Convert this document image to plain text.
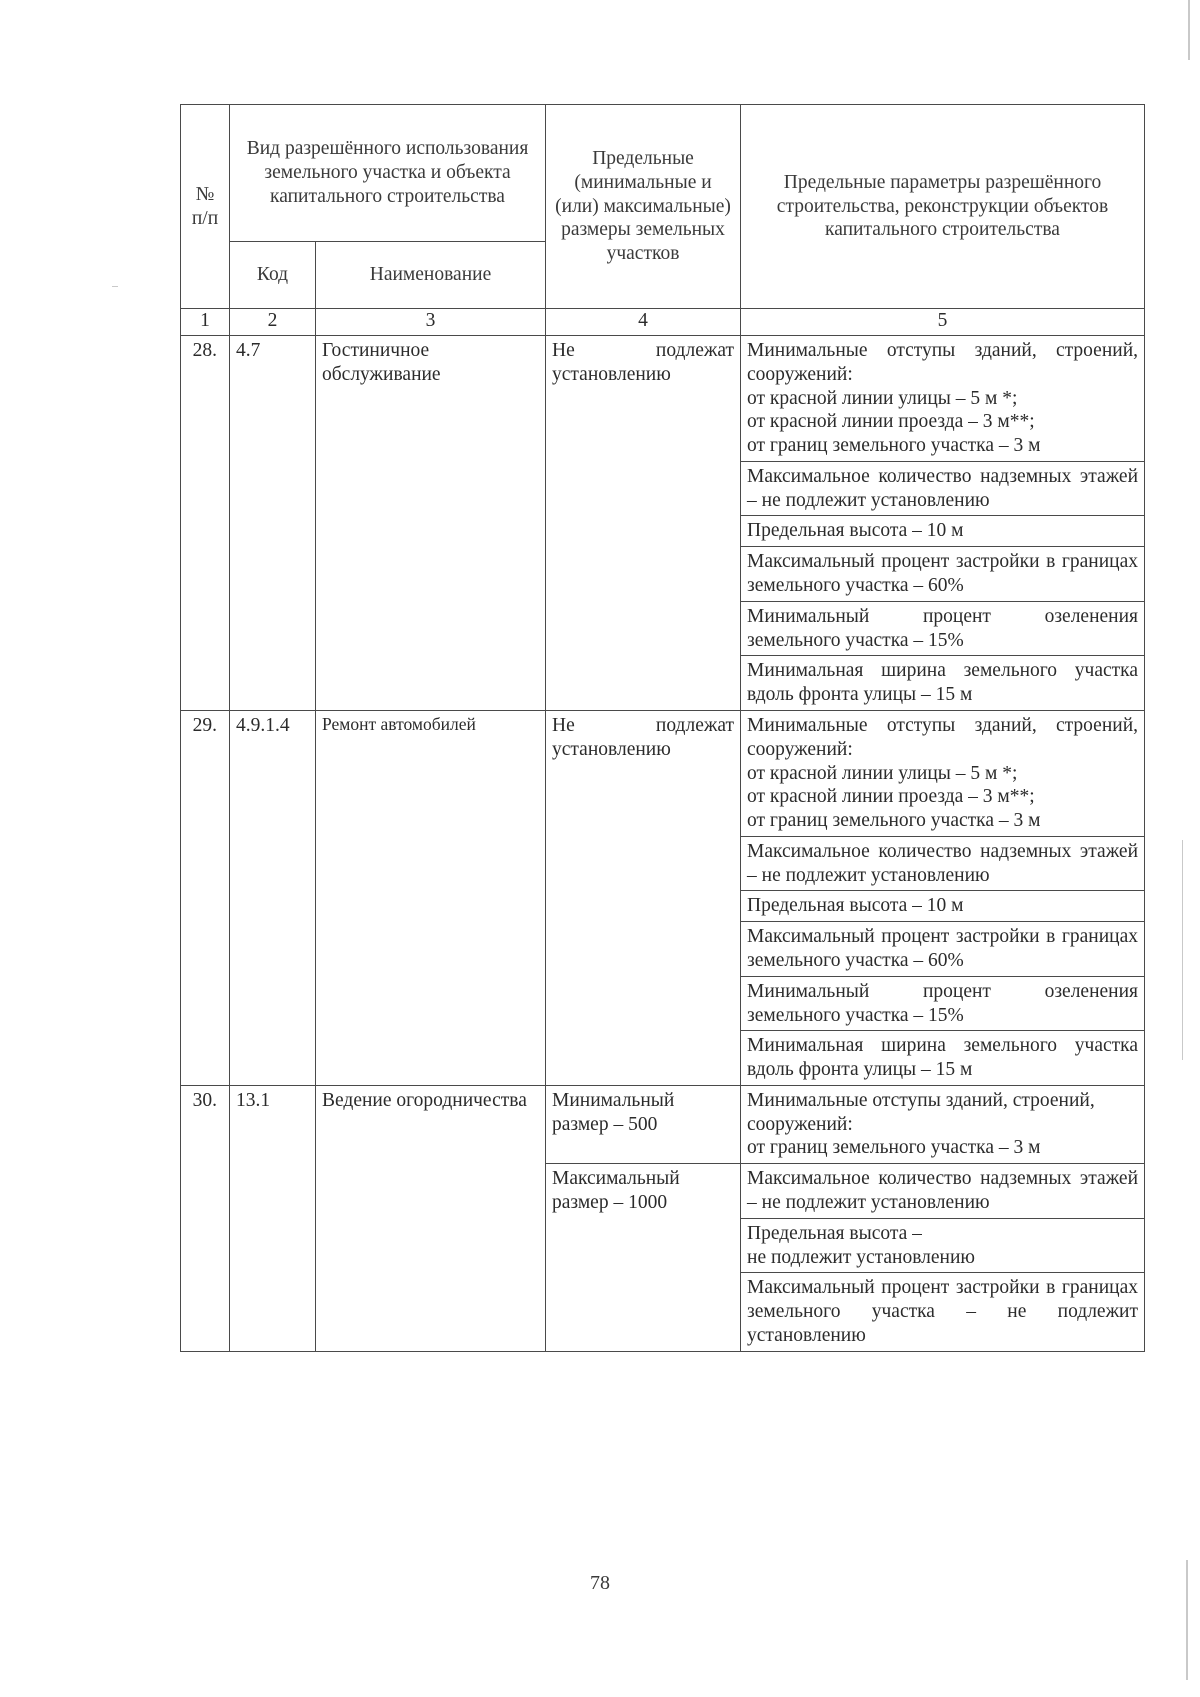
№ п/п	Вид разрешённого использования земельного участка и объекта капитального строительства		Предельные (минимальные и (или) максимальные) размеры земельных участков	Предельные параметры разрешённого строительства, реконструкции объектов капитального строительства
	Код	Наименование		
1	2	3	4	5
28.	4.7	Гостиничное обслуживание	Не подлежат установлению	Минимальные отступы зданий, строений, сооружений:
от красной линии улицы – 5 м *;
от красной линии проезда – 3 м**;
от границ земельного участка – 3 м

				Максимальное количество надземных этажей – не подлежит установлению
				Предельная высота – 10 м
				Максимальный процент застройки в границах земельного участка – 60%
				Минимальный процент озеленения земельного участка – 15%
				Минимальная ширина земельного участка вдоль фронта улицы – 15 м
29.	4.9.1.4	Ремонт автомобилей	Не подлежат установлению	Минимальные отступы зданий, строений, сооружений:
от красной линии улицы – 5 м *;
от красной линии проезда – 3 м**;
от границ земельного участка – 3 м

				Максимальное количество надземных этажей – не подлежит установлению
				Предельная высота – 10 м
				Максимальный процент застройки в границах земельного участка – 60%
				Минимальный процент озеленения земельного участка – 15%
				Минимальная ширина земельного участка вдоль фронта улицы – 15 м
30.	13.1	Ведение огородничества	Минимальный размер – 500	Минимальные отступы зданий, строений, сооружений:
от границ земельного участка – 3 м

			Максимальный размер – 1000	Максимальное количество надземных этажей – не подлежит установлению

				Предельная высота –
не подлежит установлению

				Максимальный процент застройки в границах земельного участка – не подлежит установлению
78
